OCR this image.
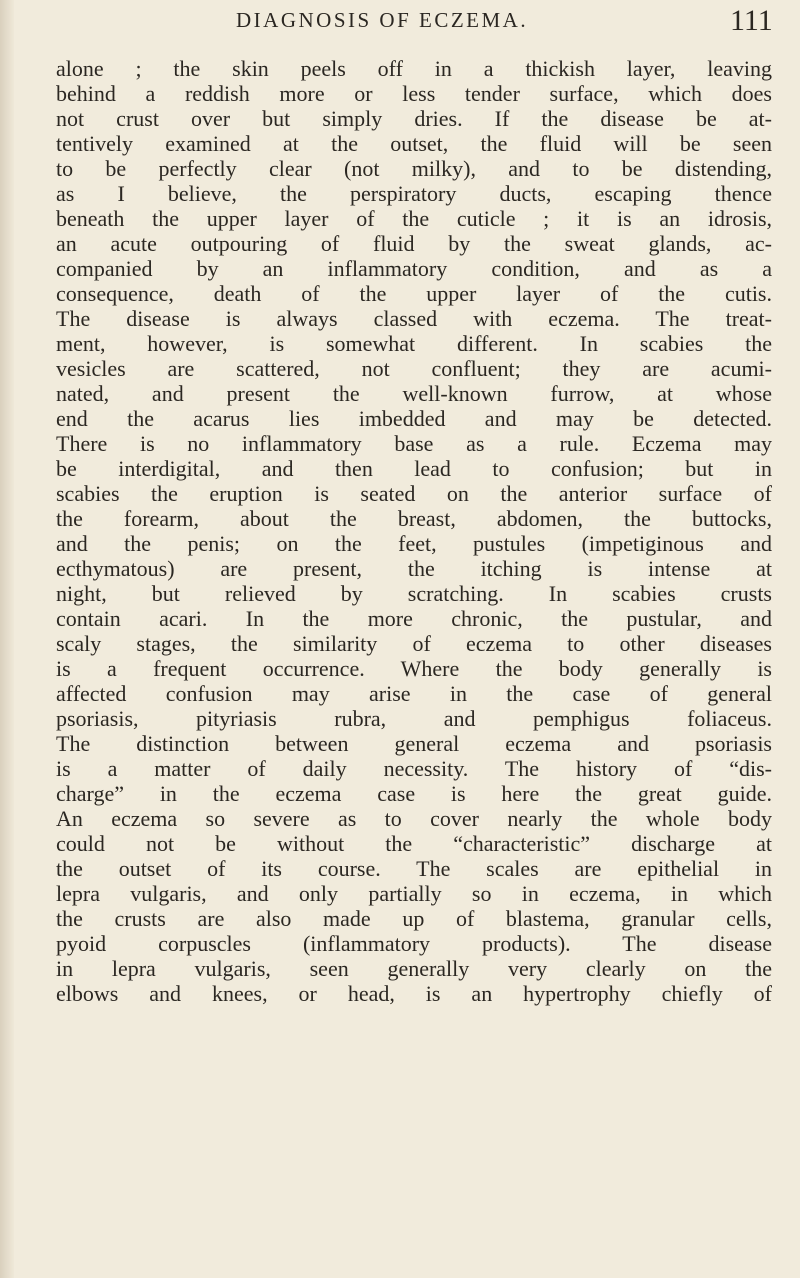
DIAGNOSIS OF ECZEMA.	111
alone ; the skin peels off in a thickish layer, leaving
behind a reddish more or less tender surface, which does
not crust over but simply dries. If the disease be at-
tentively examined at the outset, the fluid will be seen
to be perfectly clear (not milky), and to be distending,
as I believe, the perspiratory ducts, escaping thence
beneath the upper layer of the cuticle ; it is an idrosis,
an acute outpouring of fluid by the sweat glands, ac-
companied by an inflammatory condition, and as a
consequence, death of the upper layer of the cutis.
The disease is always classed with eczema. The treat-
ment, however, is somewhat different. In scabies the
vesicles are scattered, not confluent; they are acumi-
nated, and present the well-known furrow, at whose
end the acarus lies imbedded and may be detected.
There is no inflammatory base as a rule. Eczema may
be interdigital, and then lead to confusion; but in
scabies the eruption is seated on the anterior surface of
the forearm, about the breast, abdomen, the buttocks,
and the penis; on the feet, pustules (impetiginous and
ecthymatous) are present, the itching is intense at
night, but relieved by scratching. In scabies crusts
contain acari. In the more chronic, the pustular, and
scaly stages, the similarity of eczema to other diseases
is a frequent occurrence. Where the body generally is
affected confusion may arise in the case of general
psoriasis, pityriasis rubra, and pemphigus foliaceus.
The distinction between general eczema and psoriasis
is a matter of daily necessity. The history of “dis-
charge” in the eczema case is here the great guide.
An eczema so severe as to cover nearly the whole body
could not be without the “characteristic” discharge at
the outset of its course. The scales are epithelial in
lepra vulgaris, and only partially so in eczema, in which
the crusts are also made up of blastema, granular cells,
pyoid corpuscles (inflammatory products). The disease
in lepra vulgaris, seen generally very clearly on the
elbows and knees, or head, is an hypertrophy chiefly of
